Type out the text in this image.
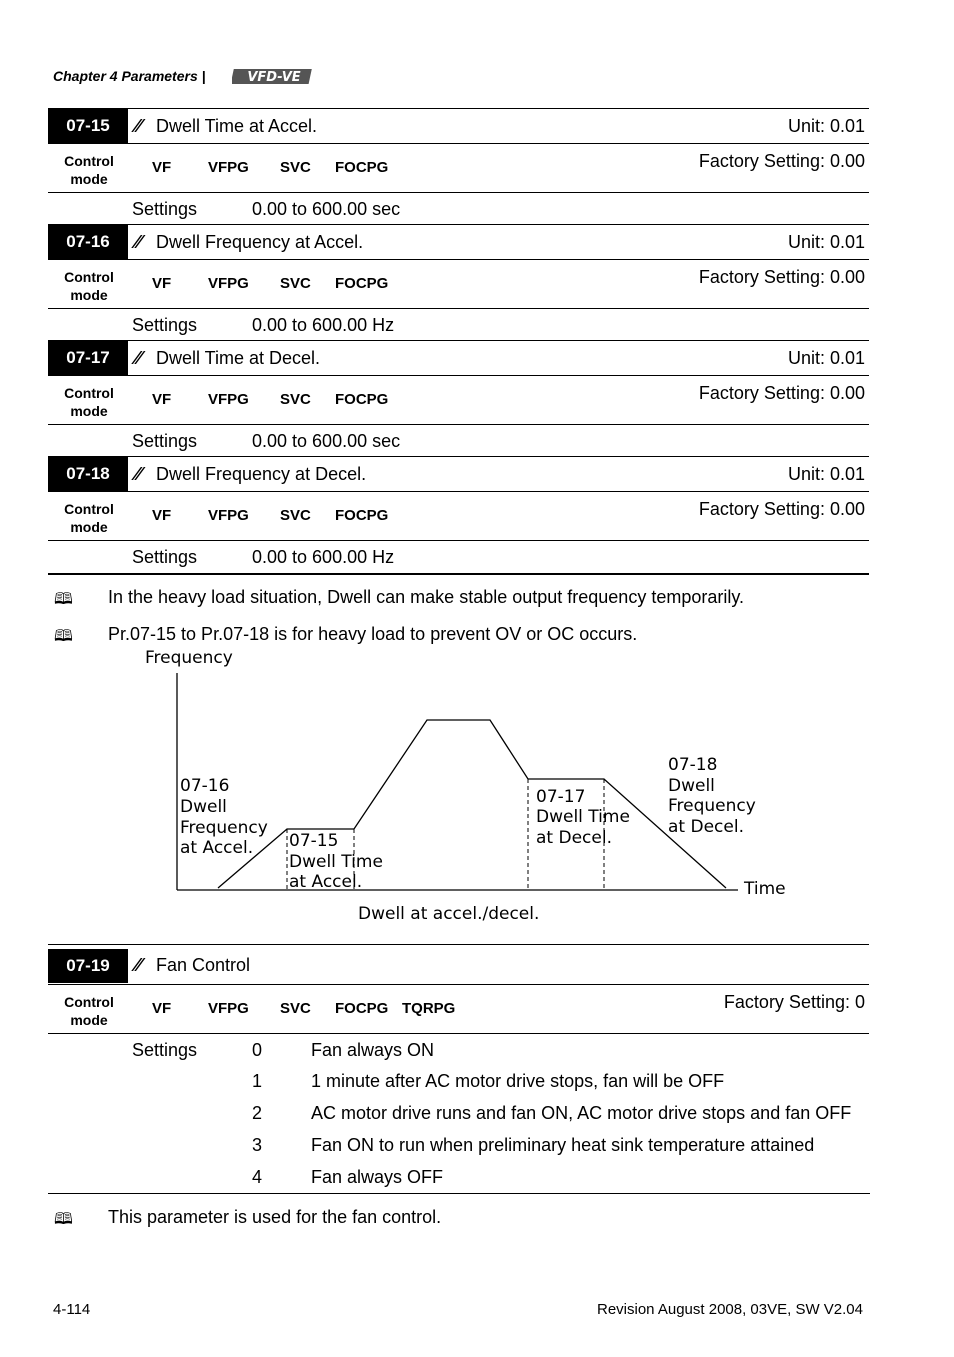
Chapter 4 Parameters |	VFD-VE
07-15	⁄⁄ Dwell Time at Accel.	Unit: 0.01
Control mode
VF VFPG SVC FOCPG	Factory Setting: 0.00
Settings	0.00 to 600.00 sec
07-16	⁄⁄ Dwell Frequency at Accel.	Unit: 0.01
Control mode
VF VFPG SVC FOCPG	Factory Setting: 0.00
Settings	0.00 to 600.00 Hz
07-17	⁄⁄ Dwell Time at Decel.	Unit: 0.01
Control mode
VF VFPG SVC FOCPG	Factory Setting: 0.00
Settings	0.00 to 600.00 sec
07-18	⁄⁄ Dwell Frequency at Decel.	Unit: 0.01
Control mode
VF VFPG SVC FOCPG	Factory Setting: 0.00
Settings	0.00 to 600.00 Hz
🕮 In the heavy load situation, Dwell can make stable output frequency temporarily.
🕮 Pr.07-15 to Pr.07-18 is for heavy load to prevent OV or OC occurs.
Frequency
Time
07-16
Dwell
Frequency
at Accel. 07-15
Dwell Time
at Accel.
07-17
Dwell Time
at Decel.
07-18
Dwell
Frequency
at Decel.
Dwell at accel./decel.
07-19	⁄⁄ Fan Control
Control mode
VF VFPG SVC FOCPG TQRPG	Factory Setting: 0
Settings	0	Fan always ON
1	1 minute after AC motor drive stops, fan will be OFF
2	AC motor drive runs and fan ON, AC motor drive stops and fan OFF
3	Fan ON to run when preliminary heat sink temperature attained
4	Fan always OFF
🕮 This parameter is used for the fan control.
4-114	Revision August 2008, 03VE, SW V2.04
